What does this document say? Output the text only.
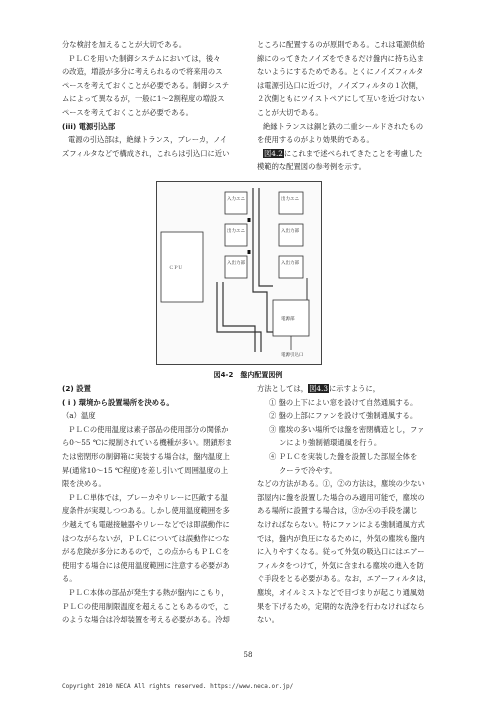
分な検討を加えることが大切である。

ＰＬＣを用いた制御システムにおいては，後々

の改造，増設が多分に考えられるので将来用のス

ペースを考えておくことが必要である。制御システ

ムによって異なるが，一般に1～2割程度の増設ス

ペースを考えておくことが必要である。

(iii) 電源引込部

電源の引込部は，絶縁トランス，ブレーカ，ノイ

ズフィルタなどで構成され，これらは引込口に近い

ところに配置するのが原則である。これは電源供給

線にのってきたノイズをできるだけ盤内に持ち込ま

ないようにするためである。とくにノイズフィルタ

は電源引込口に近づけ，ノイズフィルタの１次側，

２次側ともにツイストペアにして互いを近づけない

ことが大切である。

絶縁トランスは銅と鉄の二重シールドされたもの

を使用するのがより効果的である。

図4.2にこれまで述べられてきたことを考慮した

模範的な配置図の参考例を示す。

ＣＰＵ
入力ユニ
出力ユニ
入出力部
出力ユニ
入出力部
入出力部
電源部
電源引込口
図4-2　盤内配置図例

(2) 設置

( i ) 環境から設置場所を決める。

（a）温度

ＰＬＣの使用温度は素子部品の使用部分の関係か

ら0～55 ℃に規制されている機種が多い。閉鎖形ま

たは密閉形の制御箱に実装する場合は，盤内温度上

昇(通常10～15 ℃程度)を差し引いて周囲温度の上

限を決める。

ＰＬＣ単体では，ブレーカやリレーに匹敵する温

度条件が実現しつつある。しかし使用温度範囲を多

少越えても電磁接触器やリレーなどでは即誤動作に

はつながらないが，ＰＬＣについては誤動作につな

がる危険が多分にあるので，この点からもＰＬＣを

使用する場合には使用温度範囲に注意する必要があ

る。

ＰＬＣ本体の部品が発生する熱が盤内にこもり，

ＰＬＣの使用制限温度を超えることもあるので，こ

のような場合は冷却装置を考える必要がある。冷却

方法としては，図4.3に示すように，

① 盤の上下によい窓を設けて自然通風する。

② 盤の上部にファンを設けて強制通風する。

③ 塵埃の多い場所では盤を密閉構造とし，ファ

ンにより強制循環通風を行う。

④ ＰＬＣを実装した盤を設置した部屋全体を

クーラで冷やす。

などの方法がある。①，②の方法は，塵埃の少ない

部屋内に盤を設置した場合のみ適用可能で，塵埃の

ある場所に設置する場合は，③か④の手段を講じ

なければならない。特にファンによる強制通風方式

では，盤内が負圧になるために，外気の塵埃も盤内

に入りやすくなる。従って外気の吸込口にはエアー

フィルタをつけて，外気に含まれる塵埃の進入を防

ぐ手段をとる必要がある。なお，エアーフィルタは，

塵埃，オイルミストなどで目づまりが起こり通風効

果を下げるため，定期的な洗浄を行わなければなら

ない。

58
Copyright 2010 NECA All rights reserved. https://www.neca.or.jp/
